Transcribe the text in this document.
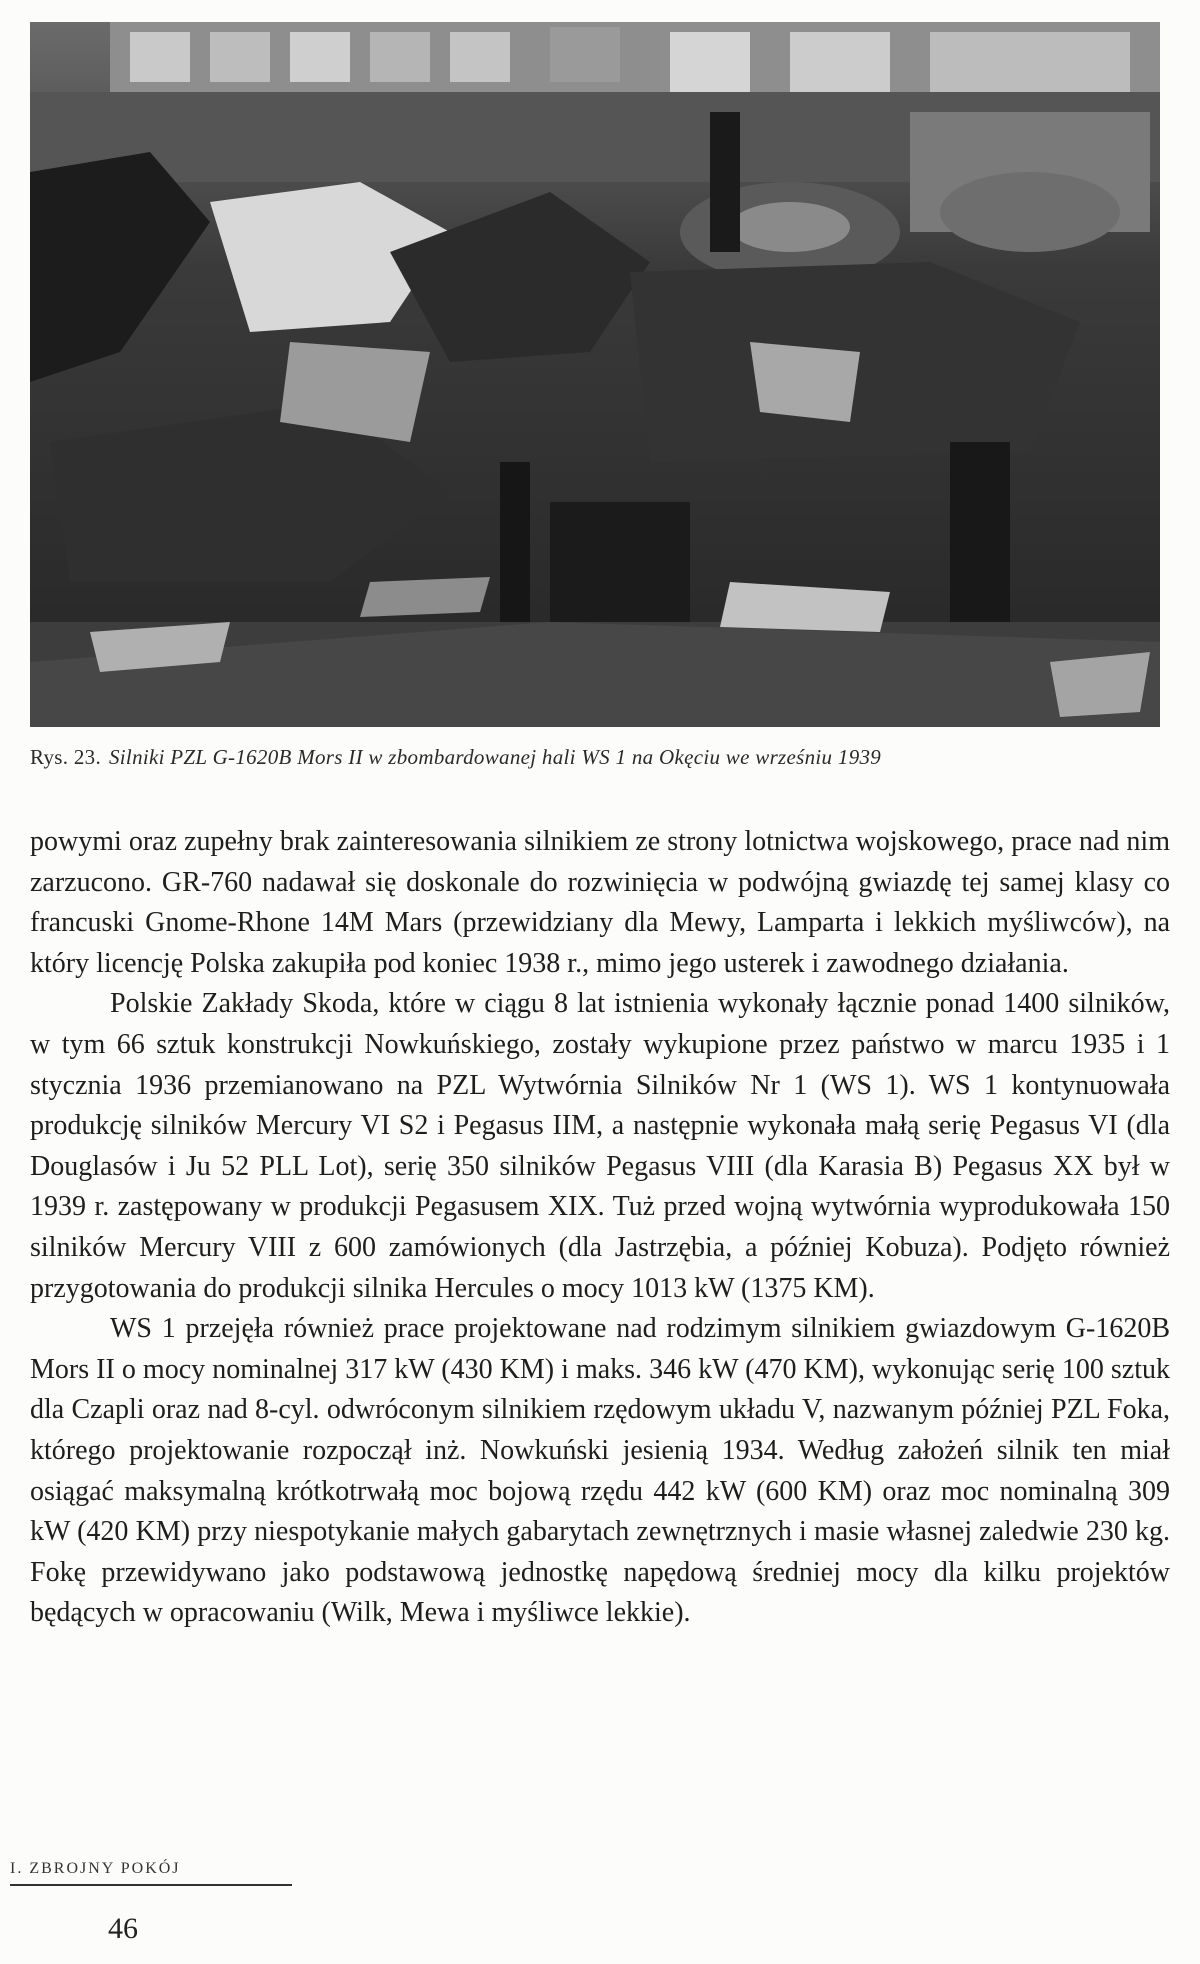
Rys. 23. Silniki PZL G-1620B Mors II w zbombardowanej hali WS 1 na Okęciu we wrześniu 1939

powymi oraz zupełny brak zainteresowania silnikiem ze strony lotnictwa wojskowego, prace nad nim zarzucono. GR-760 nadawał się doskonale do rozwinięcia w podwójną gwiazdę tej samej klasy co francuski Gnome-Rhone 14M Mars (przewidziany dla Mewy, Lamparta i lekkich myśliwców), na który licencję Polska zakupiła pod koniec 1938 r., mimo jego usterek i zawodnego działania.

Polskie Zakłady Skoda, które w ciągu 8 lat istnienia wykonały łącznie ponad 1400 silników, w tym 66 sztuk konstrukcji Nowkuńskiego, zostały wykupione przez państwo w marcu 1935 i 1 stycznia 1936 przemianowano na PZL Wytwórnia Silników Nr 1 (WS 1). WS 1 kontynuowała produkcję silników Mercury VI S2 i Pegasus IIM, a następnie wykonała małą serię Pegasus VI (dla Douglasów i Ju 52 PLL Lot), serię 350 silników Pegasus VIII (dla Karasia B) Pegasus XX był w 1939 r. zastępowany w produkcji Pegasusem XIX. Tuż przed wojną wytwórnia wyprodukowała 150 silników Mercury VIII z 600 zamówionych (dla Jastrzębia, a później Kobuza). Podjęto również przygotowania do produkcji silnika Hercules o mocy 1013 kW (1375 KM).

WS 1 przejęła również prace projektowane nad rodzimym silnikiem gwiazdowym G-1620B Mors II o mocy nominalnej 317 kW (430 KM) i maks. 346 kW (470 KM), wykonując serię 100 sztuk dla Czapli oraz nad 8-cyl. odwróconym silnikiem rzędowym układu V, nazwanym później PZL Foka, którego projektowanie rozpoczął inż. Nowkuński jesienią 1934. Według założeń silnik ten miał osiągać maksymalną krótkotrwałą moc bojową rzędu 442 kW (600 KM) oraz moc nominalną 309 kW (420 KM) przy niespotykanie małych gabarytach zewnętrznych i masie własnej zaledwie 230 kg. Fokę przewidywano jako podstawową jednostkę napędową średniej mocy dla kilku projektów będących w opracowaniu (Wilk, Mewa i myśliwce lekkie).

I. ZBROJNY POKÓJ
46
